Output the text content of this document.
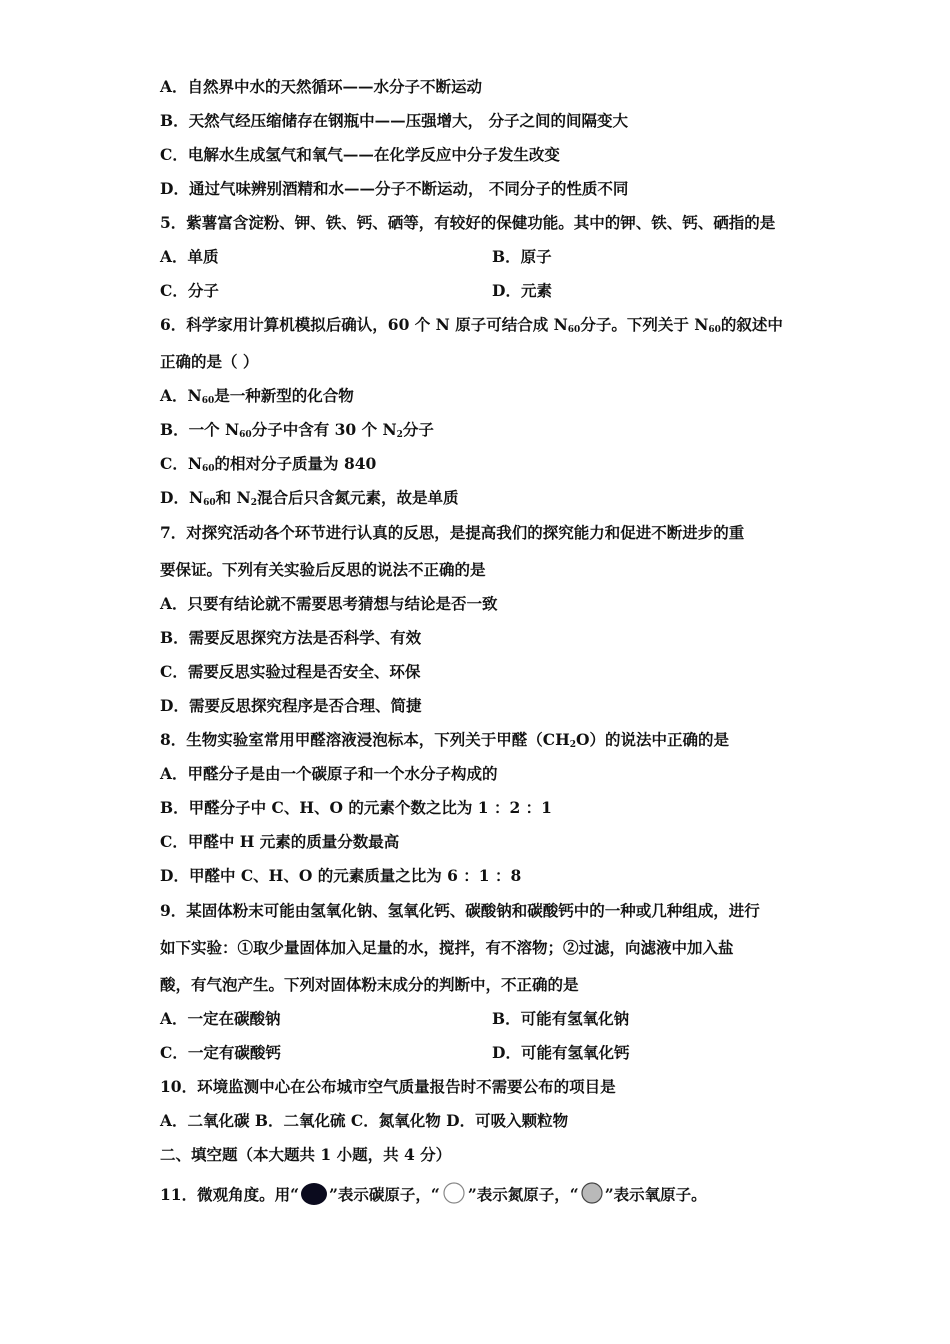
A．自然界中水的天然循环——水分子不断运动
B．天然气经压缩储存在钢瓶中——压强增大， 分子之间的间隔变大
C．电解水生成氢气和氧气——在化学反应中分子发生改变
D．通过气味辨别酒精和水——分子不断运动， 不同分子的性质不同
5．紫薯富含淀粉、钾、铁、钙、硒等，有较好的保健功能。其中的钾、铁、钙、硒指的是
A．单质	B．原子
C．分子	D．元素
6．科学家用计算机模拟后确认，60 个 N 原子可结合成 $N_{60}$分子。下列关于 $N_{60}$的叙述中
正确的是（ ）
A．$N_{60}$是一种新型的化合物
B．一个 $N_{60}$分子中含有 30 个 $N_2$分子
C．$N_{60}$的相对分子质量为 840
D．$N_{60}$和 $N_2$混合后只含氮元素，故是单质
7．对探究活动各个环节进行认真的反思，是提高我们的探究能力和促进不断进步的重
要保证。下列有关实验后反思的说法不正确的是
A．只要有结论就不需要思考猜想与结论是否一致
B．需要反思探究方法是否科学、有效
C．需要反思实验过程是否安全、环保
D．需要反思探究程序是否合理、简捷
8．生物实验室常用甲醛溶液浸泡标本，下列关于甲醛$(CH_2O)$的说法中正确的是
A．甲醛分子是由一个碳原子和一个水分子构成的
B．甲醛分子中 C、H、O 的元素个数之比为 1 ：2 ：1
C．甲醛中 H 元素的质量分数最高
D．甲醛中 C、H、O 的元素质量之比为 6 ：1 ：8
9．某固体粉末可能由氢氧化钠、氢氧化钙、碳酸钠和碳酸钙中的一种或几种组成，进行
如下实验：①取少量固体加入足量的水，搅拌，有不溶物；②过滤，向滤液中加入盐
酸，有气泡产生。下列对固体粉末成分的判断中，不正确的是
A．一定在碳酸钠	B．可能有氢氧化钠
C．一定有碳酸钙	D．可能有氢氧化钙
10．环境监测中心在公布城市空气质量报告时不需要公布的项目是
A．二氧化碳 B．二氧化硫 C．氮氧化物 D．可吸入颗粒物
二、填空题（本大题共 1 小题，共 4 分）
11．微观角度。用“ ”表示碳原子，“ ”表示氮原子，“ ”表示氧原子。
